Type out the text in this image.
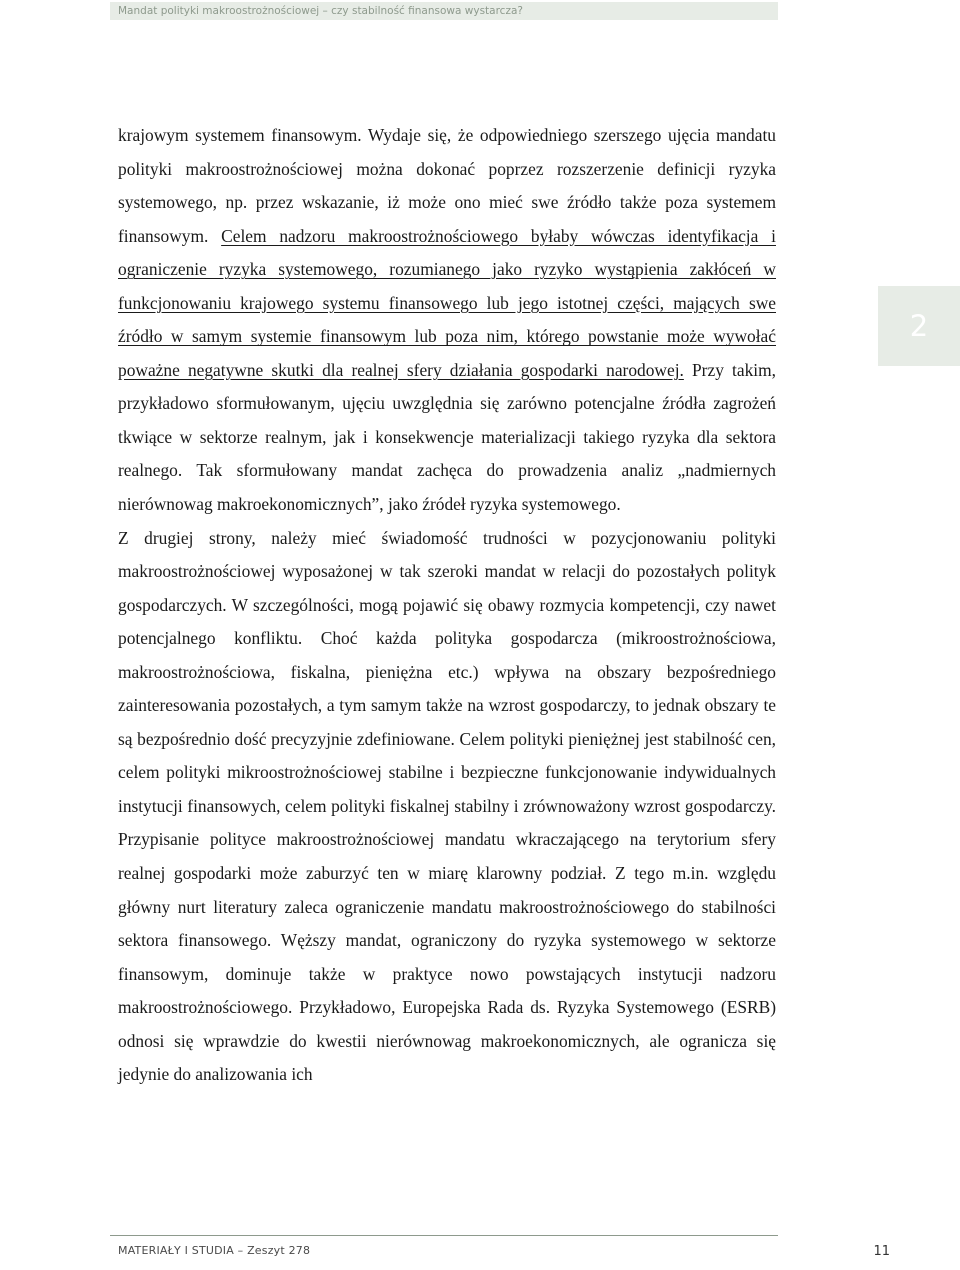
Mandat polityki makroostrożnościowej – czy stabilność finansowa wystarcza?
2

krajowym systemem finansowym. Wydaje się, że odpowiedniego szerszego ujęcia mandatu polityki makroostrożnościowej można dokonać poprzez rozszerzenie definicji ryzyka systemowego, np. przez wskazanie, iż może ono mieć swe źródło także poza systemem finansowym. Celem nadzoru makroostrożnościowego byłaby wówczas identyfikacja i ograniczenie ryzyka systemowego, rozumianego jako ryzyko wystąpienia zakłóceń w funkcjonowaniu krajowego systemu finansowego lub jego istotnej części, mających swe źródło w samym systemie finansowym lub poza nim, którego powstanie może wywołać poważne negatywne skutki dla realnej sfery działania gospodarki narodowej. Przy takim, przykładowo sformułowanym, ujęciu uwzględnia się zarówno potencjalne źródła zagrożeń tkwiące w sektorze realnym, jak i konsekwencje materializacji takiego ryzyka dla sektora realnego. Tak sformułowany mandat zachęca do prowadzenia analiz „nadmiernych nierównowag makroekonomicznych”, jako źródeł ryzyka systemowego.

Z drugiej strony, należy mieć świadomość trudności w pozycjonowaniu polityki makroostrożnościowej wyposażonej w tak szeroki mandat w relacji do pozostałych polityk gospodarczych. W szczególności, mogą pojawić się obawy rozmycia kompetencji, czy nawet potencjalnego konfliktu. Choć każda polityka gospodarcza (mikroostrożnościowa, makroostrożnościowa, fiskalna, pieniężna etc.) wpływa na obszary bezpośredniego zainteresowania pozostałych, a tym samym także na wzrost gospodarczy, to jednak obszary te są bezpośrednio dość precyzyjnie zdefiniowane. Celem polityki pieniężnej jest stabilność cen, celem polityki mikroostrożnościowej stabilne i bezpieczne funkcjonowanie indywidualnych instytucji finansowych, celem polityki fiskalnej stabilny i zrównoważony wzrost gospodarczy. Przypisanie polityce makroostrożnościowej mandatu wkraczającego na terytorium sfery realnej gospodarki może zaburzyć ten w miarę klarowny podział. Z tego m.in. względu główny nurt literatury zaleca ograniczenie mandatu makroostrożnościowego do stabilności sektora finansowego. Węższy mandat, ograniczony do ryzyka systemowego w sektorze finansowym, dominuje także w praktyce nowo powstających instytucji nadzoru makroostrożnościowego. Przykładowo, Europejska Rada ds. Ryzyka Systemowego (ESRB) odnosi się wprawdzie do kwestii nierównowag makroekonomicznych, ale ogranicza się jedynie do analizowania ich

MATERIAŁY I STUDIA – Zeszyt 278	11
